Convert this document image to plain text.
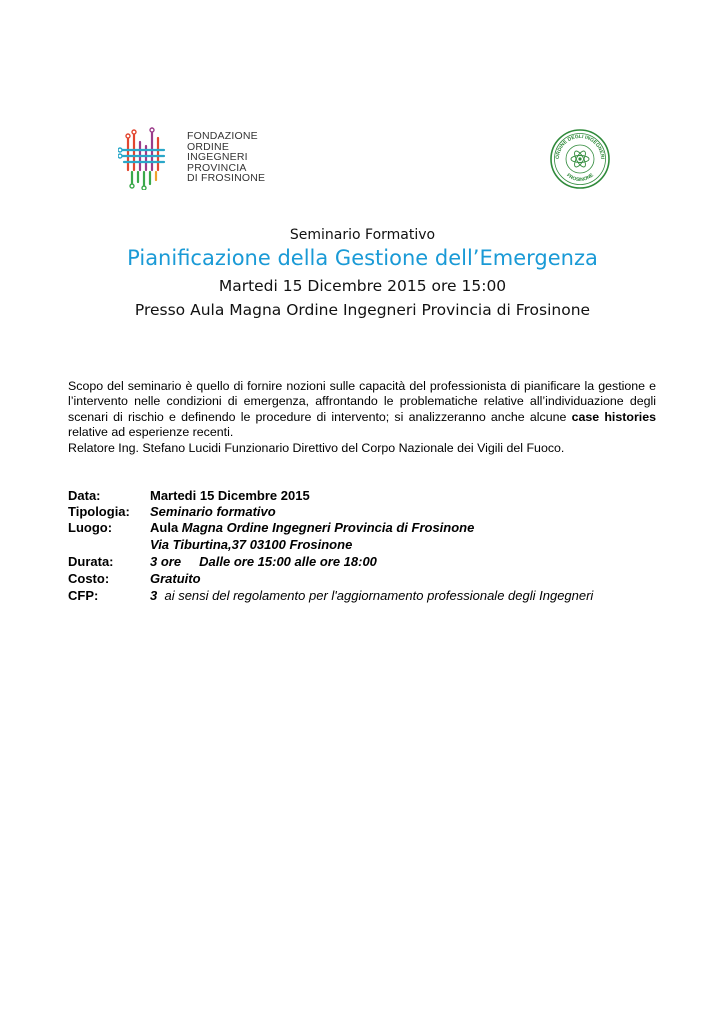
FONDAZIONE
ORDINE
INGEGNERI
PROVINCIA
DI FROSINONE
ORDINE DEGLI INGEGNERI
FROSINONE
Seminario Formativo
Pianificazione della Gestione dell’Emergenza
Martedi 15 Dicembre 2015 ore 15:00
Presso Aula Magna Ordine Ingegneri Provincia di Frosinone

Scopo del seminario è quello di fornire nozioni sulle capacità del professionista di pianificare la gestione e l’intervento nelle condizioni di emergenza, affrontando le problematiche relative all’individuazione degli scenari di rischio e definendo le procedure di intervento; si analizzeranno anche alcune case histories relative ad esperienze recenti.

Relatore Ing. Stefano Lucidi Funzionario Direttivo del Corpo Nazionale dei Vigili del Fuoco.
Data:	Martedi 15 Dicembre 2015
Tipologia: Seminario formativo
Luogo:	Aula Magna Ordine Ingegneri Provincia di Frosinone
Via Tiburtina,37 03100 Frosinone
Durata:	3 ore     Dalle ore 15:00 alle ore 18:00
Costo:	Gratuito
CFP:	3  ai sensi del regolamento per l'aggiornamento professionale degli Ingegneri
